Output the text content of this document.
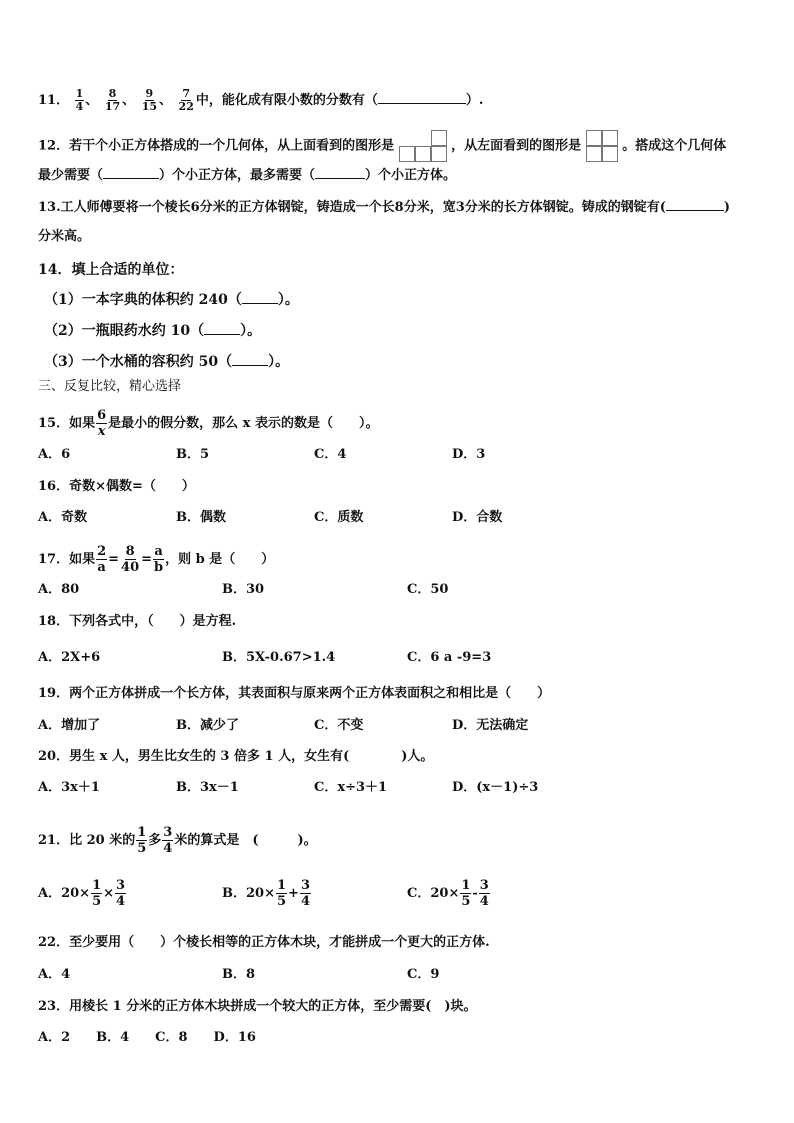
11． $\frac{1}{4}$ 、 $\frac{8}{17}$ 、 $\frac{9}{15}$ 、 $\frac{7}{22}$ 中，能化成有限小数的分数有（	）.
12．若干个小正方体搭成的一个几何体，从上面看到的图形是	，从左面看到的图形是	。搭成这个几何体
最少需要（	）个小正方体，最多需要（	）个小正方体。
13.工人师傅要将一个棱长6分米的正方体钢锭，铸造成一个长8分米，宽3分米的长方体钢锭。铸成的钢锭有(	)
分米高。
14．填上合适的单位：
（1）一本字典的体积约 240（	）。
（2）一瓶眼药水约 10（	）。
（3）一个水桶的容积约 50（	）。
三、反复比较，精心选择
15．如果 $\frac{6}{x}$ 是最小的假分数，那么 x 表示的数是（　　）。
A．6	B．5	C．4	D．3
16．奇数×偶数=（　　）
A．奇数	B．偶数	C．质数	D．合数
17．如果 $\frac{2}{a} = \frac{8}{40} = \frac{a}{b}$ ，则 b 是（　　）
A．80	B．30	C．50
18．下列各式中，（　　）是方程.
A．2X+6	B．5X-0.67>1.4	C．6 a -9=3
19．两个正方体拼成一个长方体，其表面积与原来两个正方体表面积之和相比是（　　）
A．增加了	B．减少了	C．不变	D．无法确定
20．男生 x 人，男生比女生的 3 倍多 1 人，女生有(　　　　)人。
A．3x＋1	B．3x－1	C．x÷3＋1	D．(x－1)÷3
21．比 20 米的 $\frac{1}{5}$ 多 $\frac{3}{4}$ 米的算式是　(　　　)。
A．$20\times \frac{1}{5} \times \frac{3}{4}$	B．$20\times \frac{1}{5} + \frac{3}{4}$	C．$20\times \frac{1}{5} - \frac{3}{4}$
22．至少要用（　　）个棱长相等的正方体木块，才能拼成一个更大的正方体.
A．4	B．8	C．9
23．用棱长 1 分米的正方体木块拼成一个较大的正方体，至少需要(　)块。
A．2　　B．4　　C．8　　D．16
